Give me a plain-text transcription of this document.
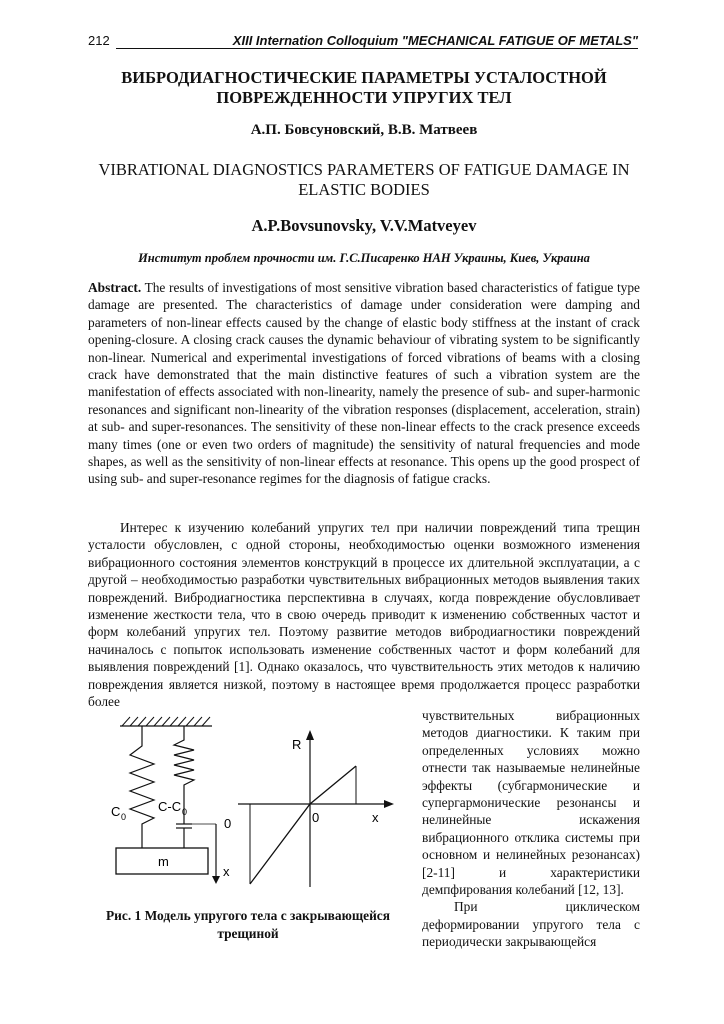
212	XIII Internation Colloquium "MECHANICAL FATIGUE OF METALS"
ВИБРОДИАГНОСТИЧЕСКИЕ ПАРАМЕТРЫ УСТАЛОСТНОЙ ПОВРЕЖДЕННОСТИ УПРУГИХ ТЕЛ
А.П. Бовсуновский, В.В. Матвеев
VIBRATIONAL DIAGNOSTICS PARAMETERS OF FATIGUE DAMAGE IN ELASTIC BODIES
A.P.Bovsunovsky, V.V.Matveyev
Институт проблем прочности им. Г.С.Писаренко НАН Украины, Киев, Украина
Abstract. The results of investigations of most sensitive vibration based characteristics of fatigue type damage are presented. The characteristics of damage under consideration were damping and parameters of non-linear effects caused by the change of elastic body stiffness at the instant of crack opening-closure. A closing crack causes the dynamic behaviour of vibrating system to be significantly non-linear. Numerical and experimental investigations of forced vibrations of beams with a closing crack have demonstrated that the main distinctive features of such a vibration system are the manifestation of effects associated with non-linearity, namely the presence of sub- and super-harmonic resonances and significant non-linearity of the vibration responses (displacement, acceleration, strain) at sub- and super-resonances. The sensitivity of these non-linear effects to the crack presence exceeds many times (one or even two orders of magnitude) the sensitivity of natural frequencies and mode shapes, as well as the sensitivity of non-linear effects at resonance. This opens up the good prospect of using sub- and super-resonance regimes for the diagnosis of fatigue cracks.
Интерес к изучению колебаний упругих тел при наличии повреждений типа трещин усталости обусловлен, с одной стороны, необходимостью оценки возможного изменения вибрационного состояния элементов конструкций в процессе их длительной эксплуатации, а с другой – необходимостью разработки чувствительных вибрационных методов выявления таких повреждений. Вибродиагностика перспективна в случаях, когда повреждение обусловливает изменение жесткости тела, что в свою очередь приводит к изменению собственных частот и форм колебаний упругих тел. Поэтому развитие методов вибродиагностики повреждений начиналось с попыток использовать изменение собственных частот и форм колебаний для выявления повреждений [1]. Однако оказалось, что чувствительность этих методов к наличию повреждения является низкой, поэтому в настоящее время продолжается процесс разработки более
чувствительных вибрационных методов диагностики. К таким при определенных условиях можно отнести так называемые нелинейные эффекты (субгармонические и супергармонические резонансы и нелинейные искажения вибрационного отклика системы при основном и нелинейных резонансах) [2-11] и характеристики демпфирования колебаний [12, 13].
При циклическом деформировании упругого тела с периодически закрывающейся
C 0
C-C 0
0
m
x
R
0	x
Рис. 1 Модель упругого тела с закрывающейся трещиной
